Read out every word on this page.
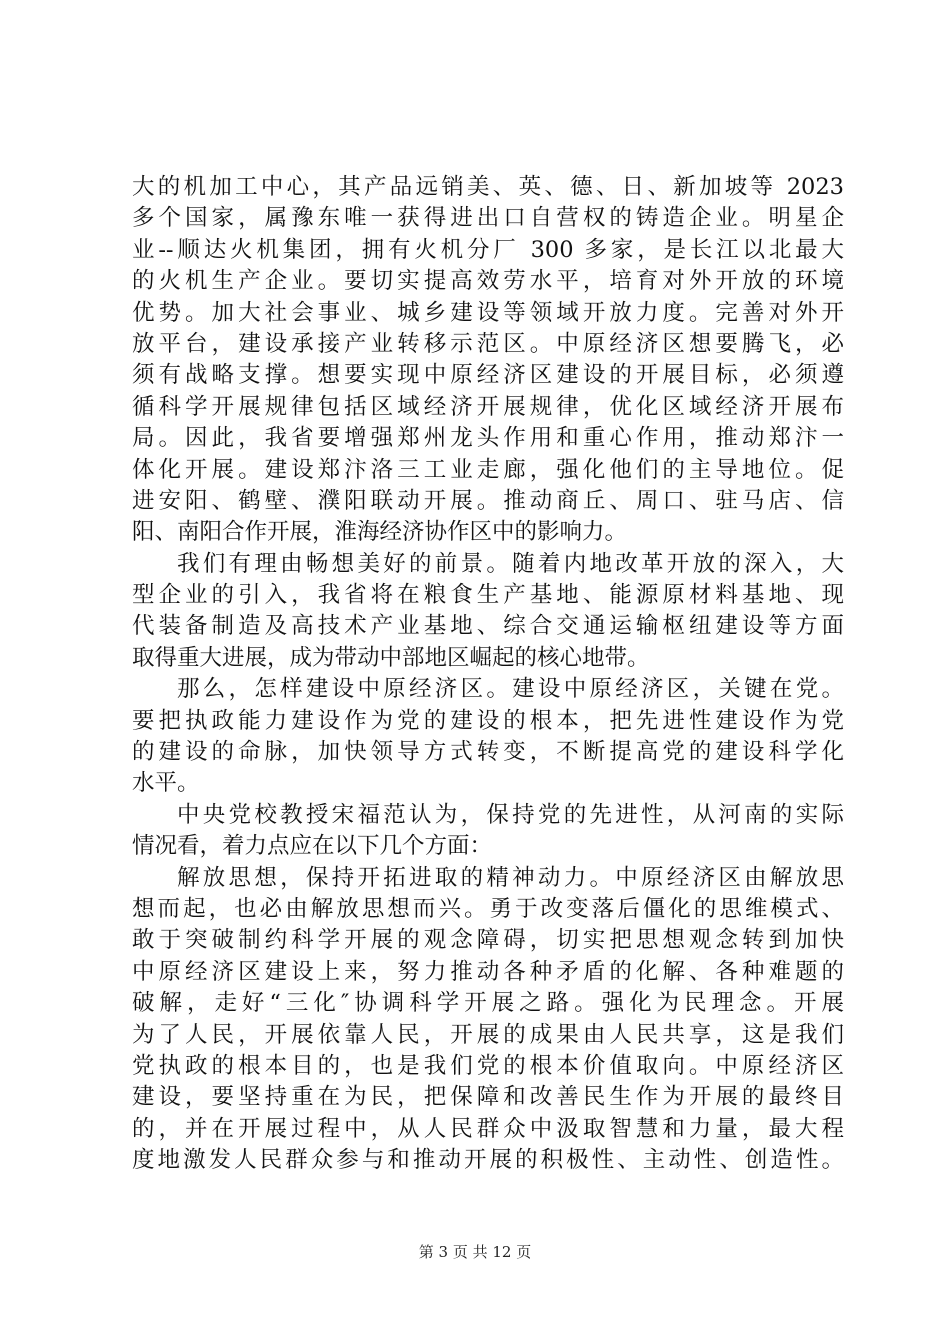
大的机加工中心，其产品远销美、英、德、日、新加坡等 2023
多个国家，属豫东唯一获得进出口自营权的铸造企业。明星企
业--顺达火机集团，拥有火机分厂 300 多家，是长江以北最大
的火机生产企业。要切实提高效劳水平，培育对外开放的环境
优势。加大社会事业、城乡建设等领域开放力度。完善对外开
放平台，建设承接产业转移示范区。中原经济区想要腾飞，必
须有战略支撑。想要实现中原经济区建设的开展目标，必须遵
循科学开展规律包括区域经济开展规律，优化区域经济开展布
局。因此，我省要增强郑州龙头作用和重心作用，推动郑汴一
体化开展。建设郑汴洛三工业走廊，强化他们的主导地位。促
进安阳、鹤壁、濮阳联动开展。推动商丘、周口、驻马店、信
阳、南阳合作开展，淮海经济协作区中的影响力。
我们有理由畅想美好的前景。随着内地改革开放的深入，大
型企业的引入，我省将在粮食生产基地、能源原材料基地、现
代装备制造及高技术产业基地、综合交通运输枢纽建设等方面
取得重大进展，成为带动中部地区崛起的核心地带。
那么，怎样建设中原经济区。建设中原经济区，关键在党。
要把执政能力建设作为党的建设的根本，把先进性建设作为党
的建设的命脉，加快领导方式转变，不断提高党的建设科学化
水平。
中央党校教授宋福范认为，保持党的先进性，从河南的实际
情况看，着力点应在以下几个方面：
解放思想，保持开拓进取的精神动力。中原经济区由解放思
想而起，也必由解放思想而兴。勇于改变落后僵化的思维模式、
敢于突破制约科学开展的观念障碍，切实把思想观念转到加快
中原经济区建设上来，努力推动各种矛盾的化解、各种难题的
破解，走好“三化″协调科学开展之路。强化为民理念。开展
为了人民，开展依靠人民，开展的成果由人民共享，这是我们
党执政的根本目的，也是我们党的根本价值取向。中原经济区
建设，要坚持重在为民，把保障和改善民生作为开展的最终目
的，并在开展过程中，从人民群众中汲取智慧和力量，最大程
度地激发人民群众参与和推动开展的积极性、主动性、创造性。
第 3 页 共 12 页
